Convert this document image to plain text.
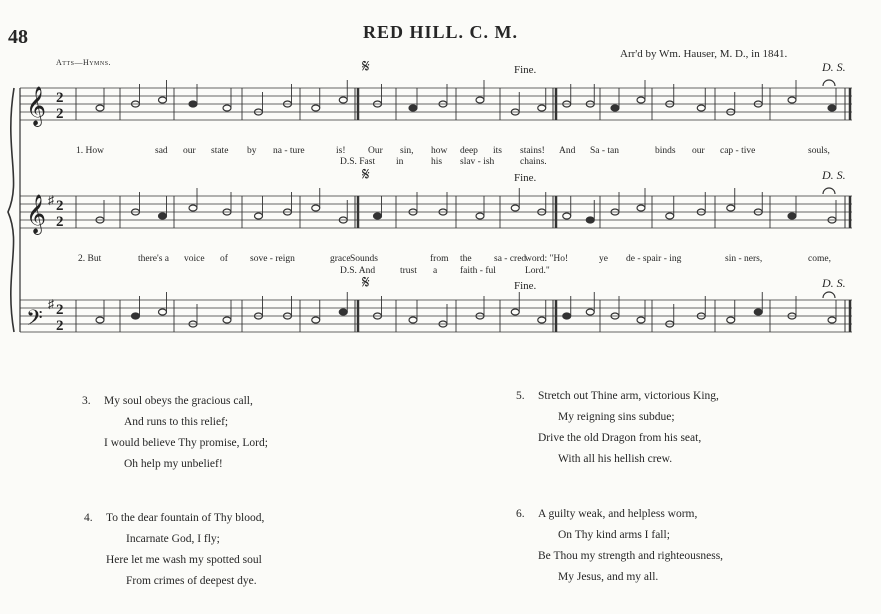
48	RED HILL. C. M.
Atts—Hymns.
Arr'd by Wm. Hauser, M. D., in 1841.
𝄞 2
2
𝄞 ♯ 2
2
𝄢
♯ 2
2
𝄋	Fine.	D. S.
𝄋	Fine.	D. S.
𝄋	Fine.	D. S.
1. How	sad our state by na - ture	is! Our sin, how deep its stains! And Sa - tan	binds our cap - tive	souls,
D.S. Fast in	his slav - ish	chains.
2. But	there's a voice of sove - reign	grace Sounds	from the sa - cred
word: "Ho!	ye de - spair - ing	sin - ners,	come,
D.S. And	trust a faith - ful	Lord."
3. My soul obeys the gracious call,
And runs to this relief;
I would believe Thy promise, Lord;
Oh help my unbelief!
4. To the dear fountain of Thy blood,
Incarnate God, I fly;
Here let me wash my spotted soul
From crimes of deepest dye.
5. Stretch out Thine arm, victorious King,
My reigning sins subdue;
Drive the old Dragon from his seat,
With all his hellish crew.
6. A guilty weak, and helpless worm,
On Thy kind arms I fall;
Be Thou my strength and righteousness,
My Jesus, and my all.
